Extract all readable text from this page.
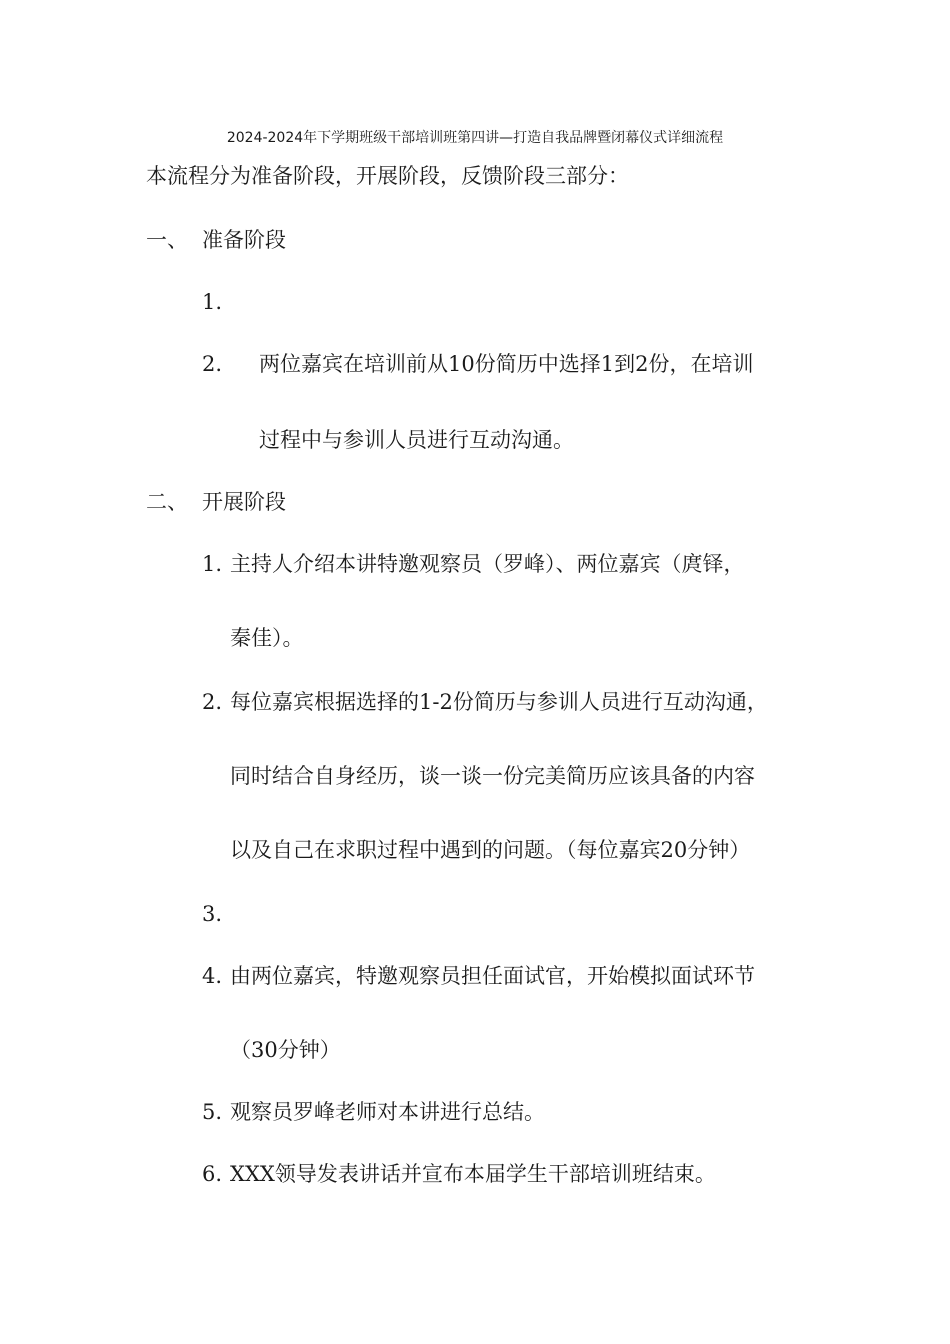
2024-2024年下学期班级干部培训班第四讲—打造自我品牌暨闭幕仪式详细流程
本流程分为准备阶段，开展阶段，反馈阶段三部分：
一、 准备阶段
1.
2. 两位嘉宾在培训前从10份简历中选择1到2份，在培训
过程中与参训人员进行互动沟通。
二、 开展阶段
1. 主持人介绍本讲特邀观察员（罗峰）、两位嘉宾（庹铎，
秦佳）。
2. 每位嘉宾根据选择的1-2份简历与参训人员进行互动沟通，
同时结合自身经历，谈一谈一份完美简历应该具备的内容
以及自己在求职过程中遇到的问题。（每位嘉宾20分钟）
3.
4. 由两位嘉宾，特邀观察员担任面试官，开始模拟面试环节
（30分钟）
5. 观察员罗峰老师对本讲进行总结。
6. XXX领导发表讲话并宣布本届学生干部培训班结束。
